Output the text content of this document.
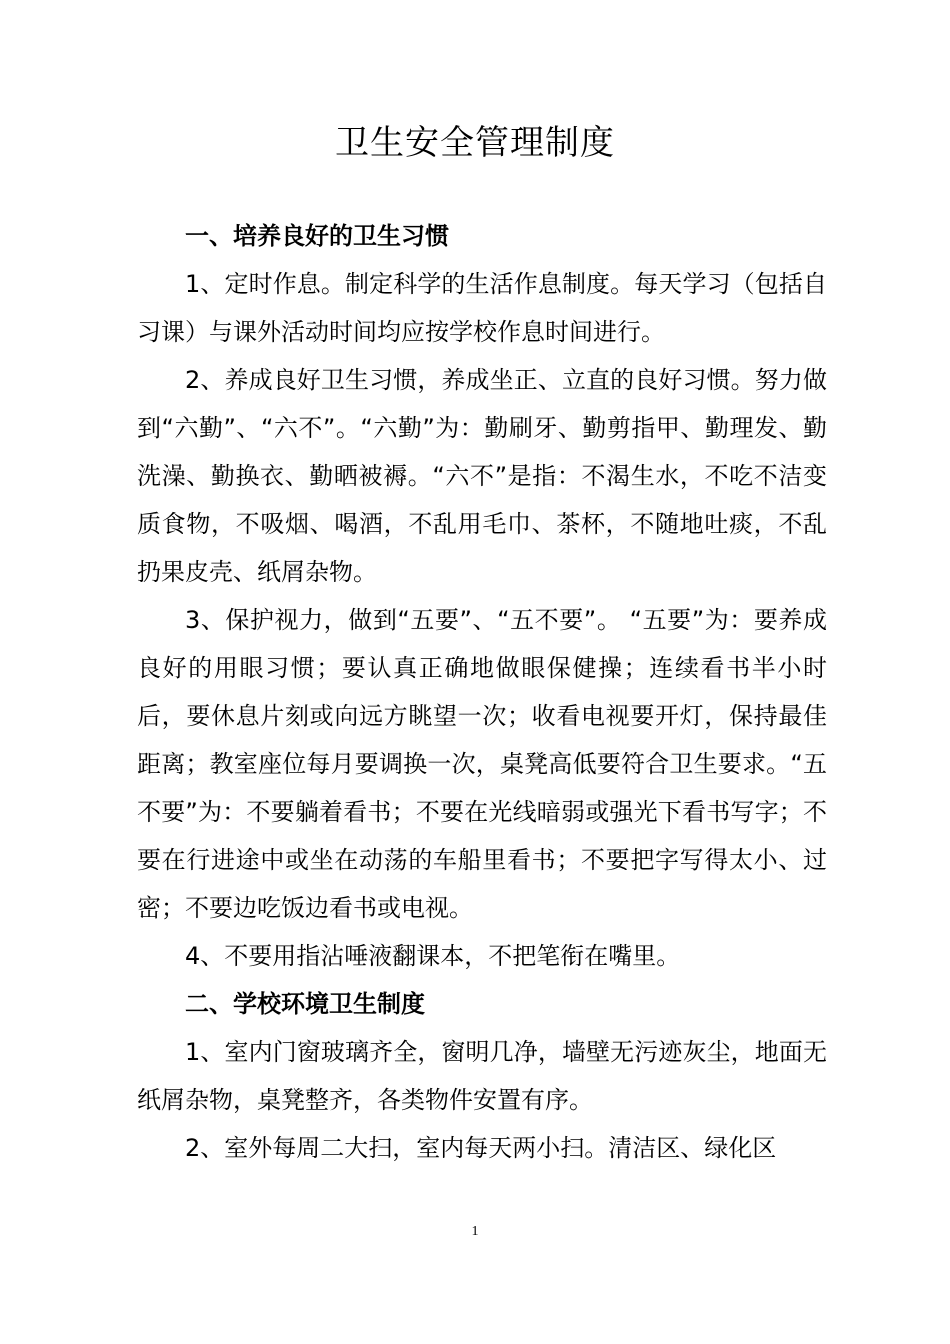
卫生安全管理制度
一、培养良好的卫生习惯

1、定时作息。制定科学的生活作息制度。每天学习（包括自习课）与课外活动时间均应按学校作息时间进行。

2、养成良好卫生习惯，养成坐正、立直的良好习惯。努力做到“六勤”、“六不”。“六勤”为：勤刷牙、勤剪指甲、勤理发、勤洗澡、勤换衣、勤晒被褥。“六不”是指：不渴生水，不吃不洁变质食物，不吸烟、喝酒，不乱用毛巾、茶杯，不随地吐痰，不乱扔果皮壳、纸屑杂物。

3、保护视力，做到“五要”、“五不要”。 “五要”为：要养成良好的用眼习惯；要认真正确地做眼保健操；连续看书半小时后，要休息片刻或向远方眺望一次；收看电视要开灯，保持最佳距离；教室座位每月要调换一次，桌凳高低要符合卫生要求。“五不要”为：不要躺着看书；不要在光线暗弱或强光下看书写字；不要在行进途中或坐在动荡的车船里看书；不要把字写得太小、过密；不要边吃饭边看书或电视。

4、不要用指沾唾液翻课本，不把笔衔在嘴里。

二、学校环境卫生制度

1、室内门窗玻璃齐全，窗明几净，墙壁无污迹灰尘，地面无纸屑杂物，桌凳整齐，各类物件安置有序。

2、室外每周二大扫，室内每天两小扫。清洁区、绿化区

1
